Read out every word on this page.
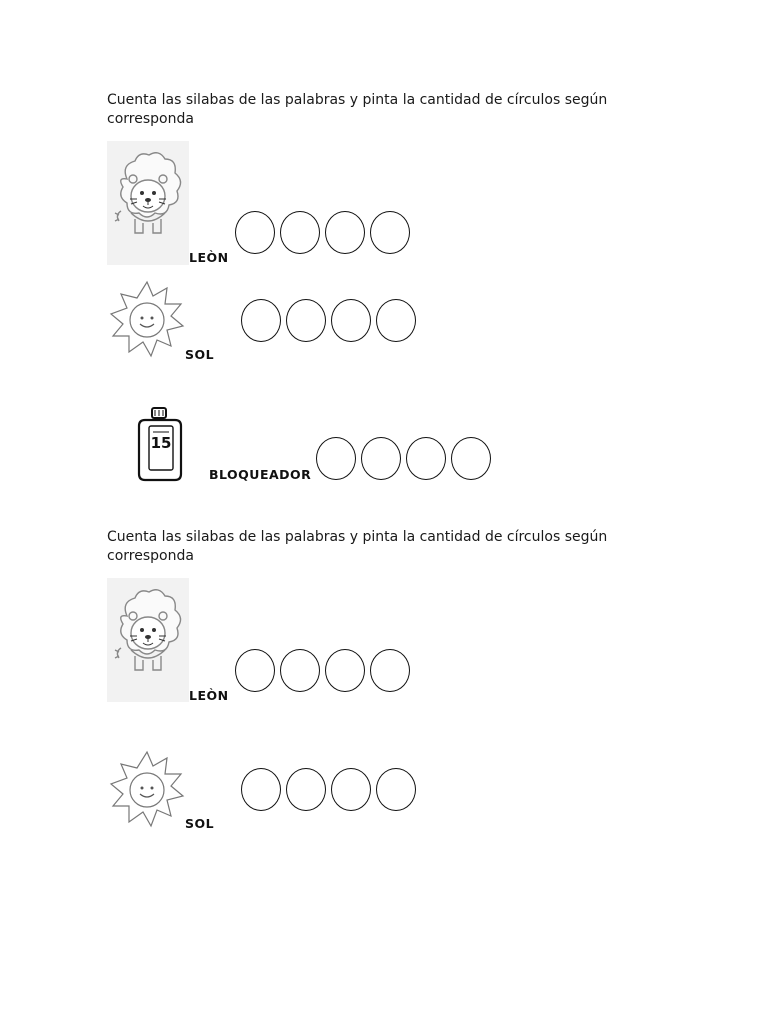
Cuenta las silabas de las palabras y pinta la cantidad de círculos según corresponda
LEÒN
SOL
15
BLOQUEADOR
Cuenta las silabas de las palabras y pinta la cantidad de círculos según corresponda
LEÒN
SOL
